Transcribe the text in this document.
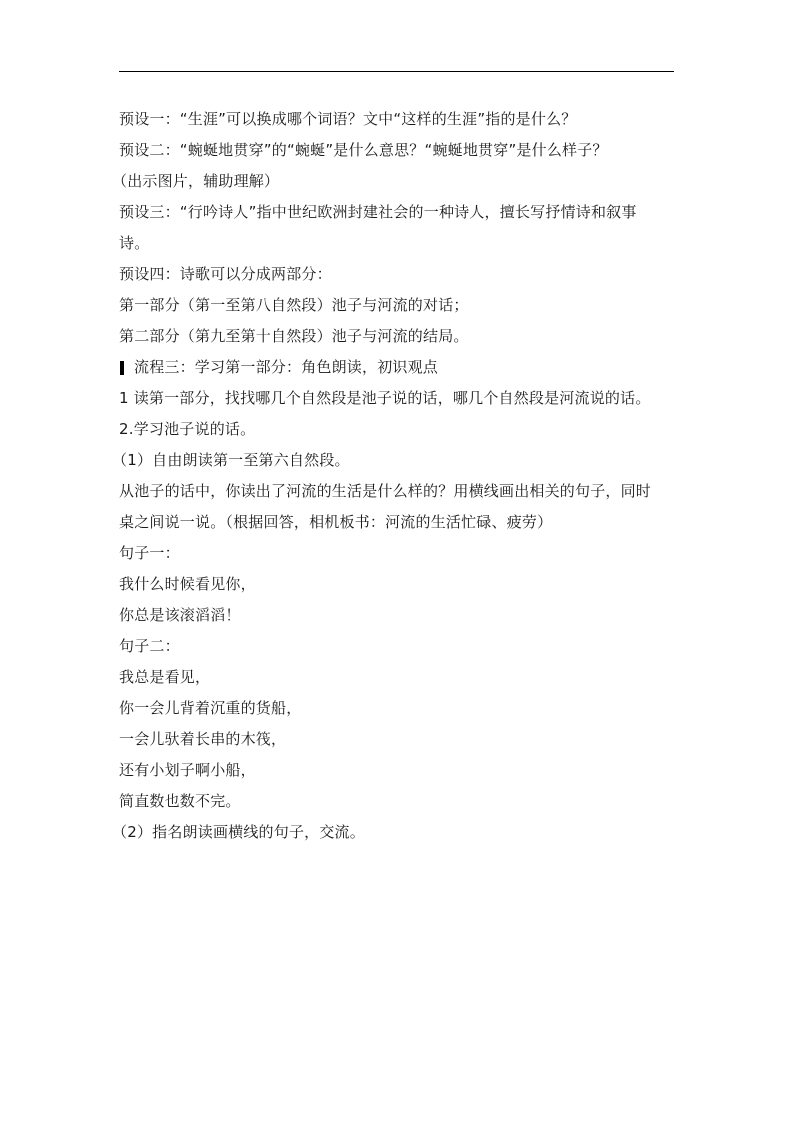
预设一：“生涯”可以换成哪个词语？文中“这样的生涯”指的是什么？
预设二：“蜿蜒地贯穿”的“蜿蜒”是什么意思？“蜿蜒地贯穿”是什么样子？
（出示图片，辅助理解）
预设三：“行吟诗人”指中世纪欧洲封建社会的一种诗人，擅长写抒情诗和叙事
诗。
预设四：诗歌可以分成两部分：
第一部分（第一至第八自然段）池子与河流的对话；
第二部分（第九至第十自然段）池子与河流的结局。
流程三：学习第一部分：角色朗读，初识观点
1 读第一部分，找找哪几个自然段是池子说的话，哪几个自然段是河流说的话。
2.学习池子说的话。
（1）自由朗读第一至第六自然段。
从池子的话中，你读出了河流的生活是什么样的？用横线画出相关的句子，同时
桌之间说一说。（根据回答，相机板书：河流的生活忙碌、疲劳）
句子一：
我什么时候看见你，
你总是该滚滔滔！
句子二：
我总是看见，
你一会儿背着沉重的货船，
一会儿驮着长串的木筏，
还有小划子啊小船，
简直数也数不完。
（2）指名朗读画横线的句子，交流。
